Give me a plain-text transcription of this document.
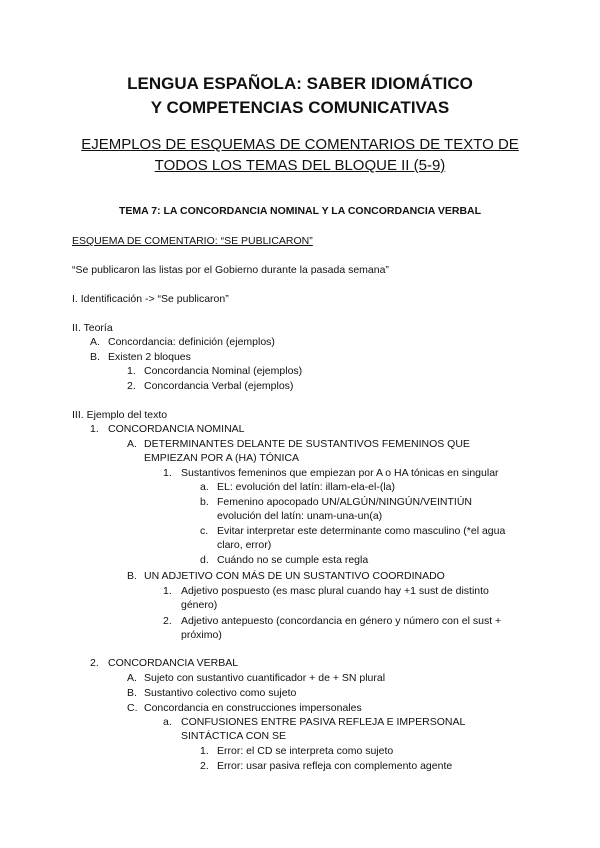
LENGUA ESPAÑOLA: SABER IDIOMÁTICO

Y COMPETENCIAS COMUNICATIVAS

EJEMPLOS DE ESQUEMAS DE COMENTARIOS DE TEXTO DE

TODOS LOS TEMAS DEL BLOQUE II (5-9)

TEMA 7: LA CONCORDANCIA NOMINAL Y LA CONCORDANCIA VERBAL

ESQUEMA DE COMENTARIO: “SE PUBLICARON”

“Se publicaron las listas por el Gobierno durante la pasada semana”

I. Identificación -> “Se publicaron”

II. Teoría

A. Concordancia: definición (ejemplos)

B. Existen 2 bloques

1. Concordancia Nominal (ejemplos)

2. Concordancia Verbal (ejemplos)

III. Ejemplo del texto

1. CONCORDANCIA NOMINAL

A. DETERMINANTES DELANTE DE SUSTANTIVOS FEMENINOS QUE

EMPIEZAN POR A (HA) TÓNICA

1. Sustantivos femeninos que empiezan por A o HA tónicas en singular

a. EL: evolución del latín: illam-ela-el-(la)

b. Femenino apocopado UN/ALGÚN/NINGÚN/VEINTIÚN

evolución del latín: unam-una-un(a)

c. Evitar interpretar este determinante como masculino (*el agua

claro, error)

d. Cuándo no se cumple esta regla

B. UN ADJETIVO CON MÁS DE UN SUSTANTIVO COORDINADO

1. Adjetivo pospuesto (es masc plural cuando hay +1 sust de distinto

género)

2. Adjetivo antepuesto (concordancia en género y número con el sust +

próximo)

2. CONCORDANCIA VERBAL

A. Sujeto con sustantivo cuantificador + de + SN plural

B. Sustantivo colectivo como sujeto

C. Concordancia en construcciones impersonales

a. CONFUSIONES ENTRE PASIVA REFLEJA E IMPERSONAL

SINTÁCTICA CON SE

1. Error: el CD se interpreta como sujeto

2. Error: usar pasiva refleja con complemento agente
